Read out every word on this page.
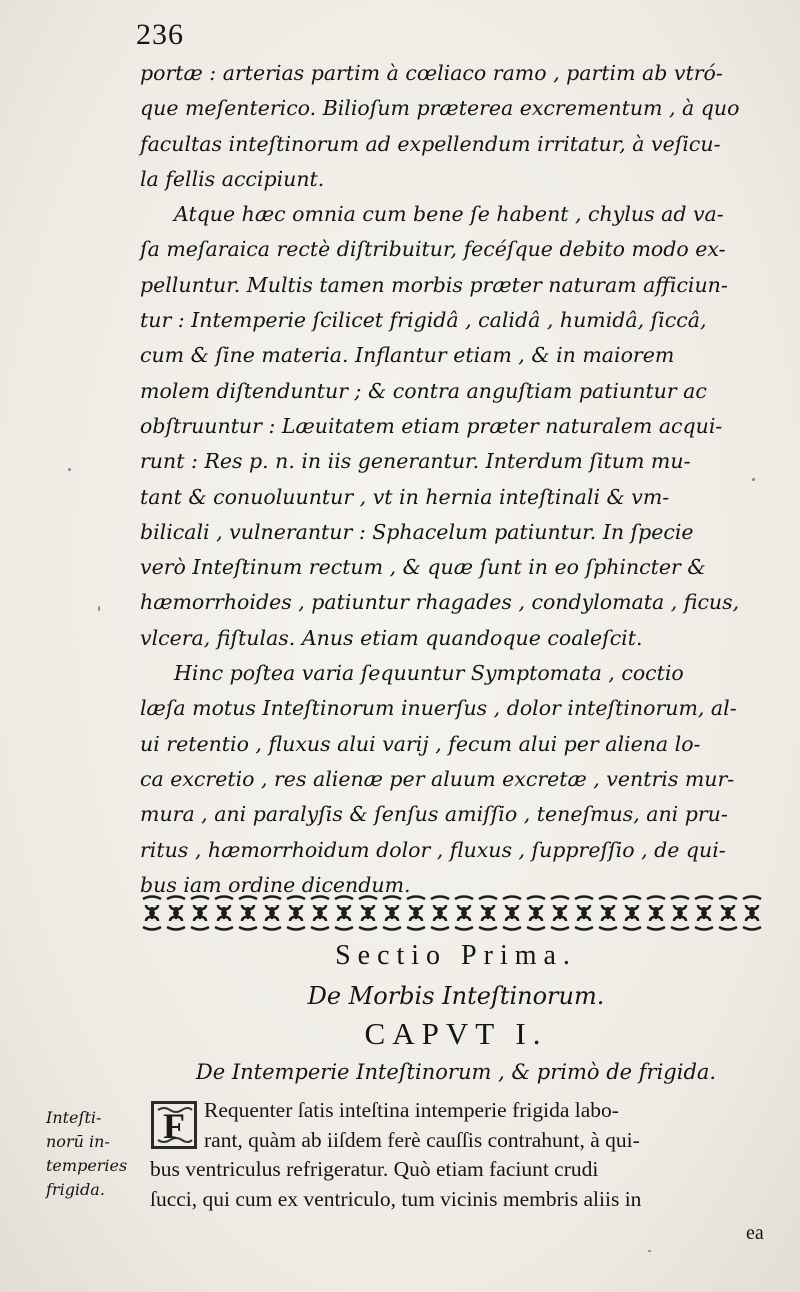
236
portæ : arterias partim à cœliaco ramo , partim ab vtró-
que meſenterico. Bilioſum præterea excrementum , à quo
facultas inteſtinorum ad expellendum irritatur, à veſicu-
la fellis accipiunt.
Atque hæc omnia cum bene ſe habent , chylus ad va-
ſa meſaraica rectè diſtribuitur, fecéſque debito modo ex-
pelluntur. Multis tamen morbis præter naturam afficiun-
tur : Intemperie ſcilicet frigidâ , calidâ , humidâ, ſiccâ,
cum & ſine materia. Inflantur etiam , & in maiorem
molem diſtenduntur ; & contra anguſtiam patiuntur ac
obſtruuntur : Læuitatem etiam præter naturalem acqui-
runt : Res p. n. in iis generantur. Interdum ſitum mu-
tant & conuoluuntur , vt in hernia inteſtinali & vm-
bilicali , vulnerantur : Sphacelum patiuntur. In ſpecie
verò Inteſtinum rectum , & quæ ſunt in eo ſphincter &
hæmorrhoides , patiuntur rhagades , condylomata , ficus,
vlcera, fiſtulas. Anus etiam quandoque coaleſcit.
Hinc poſtea varia ſequuntur Symptomata , coctio
læſa motus Inteſtinorum inuerſus , dolor inteſtinorum, al-
ui retentio , fluxus alui varij , fecum alui per aliena lo-
ca excretio , res alienæ per aluum excretæ , ventris mur-
mura , ani paralyſis & ſenſus amiſſio , teneſmus, ani pru-
ritus , hæmorrhoidum dolor , fluxus , ſuppreſſio , de qui-
bus iam ordine dicendum.
Sectio Prima.
De Morbis Inteſtinorum.
CAPVT I.
De Intemperie Inteſtinorum , & primò de frigida.
Inteſti-
norū in-
temperies
frigida.
F Requenter ſatis inteſtina intemperie frigida labo-
rant, quàm ab iiſdem ferè cauſſis contrahunt, à qui-
bus ventriculus refrigeratur. Quò etiam faciunt crudi
ſucci, qui cum ex ventriculo, tum vicinis membris aliis in
ea
